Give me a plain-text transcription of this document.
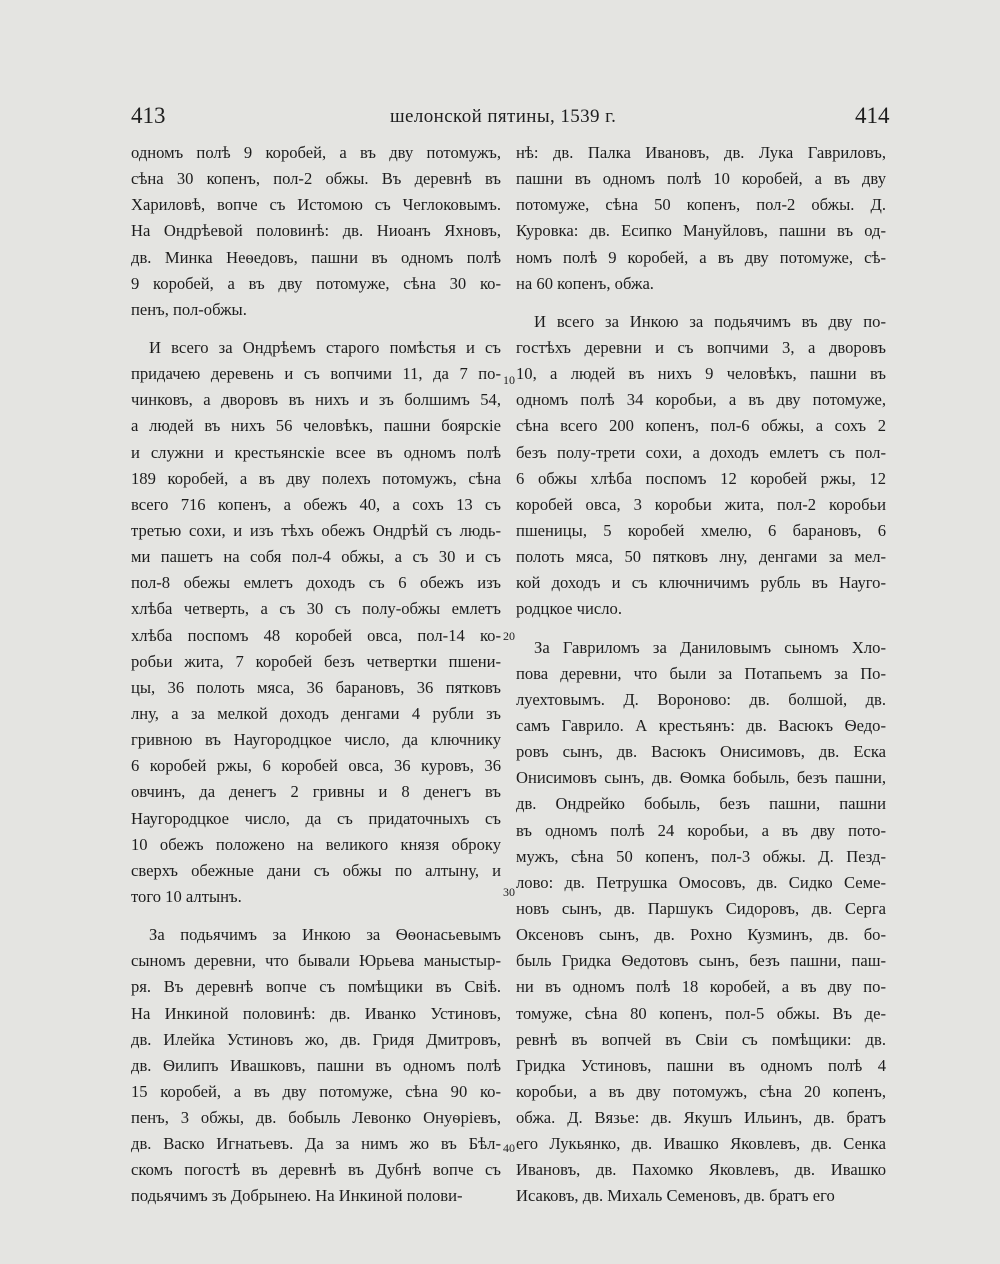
413	шелонской пятины, 1539 г.	414
одномъ полѣ 9 коробей, а въ дву потомужъ,
сѣна 30 копенъ, пол-2 обжы. Въ деревнѣ въ
Хариловѣ, вопче съ Истомою съ Чеглоковымъ.
На Ондрѣевой половинѣ: дв. Ниоанъ Яхновъ,
дв. Минка Неѳедовъ, пашни въ одномъ полѣ
9 коробей, а въ дву потомуже, сѣна 30 ко-
пенъ, пол-обжы.
И всего за Ондрѣемъ старого помѣстья и съ
придачею деревень и съ вопчими 11, да 7 по-
чинковъ, а дворовъ въ нихъ и зъ болшимъ 54,
а людей въ нихъ 56 человѣкъ, пашни боярскіе
и служни и крестьянскіе всее въ одномъ полѣ
189 коробей, а въ дву полехъ потомужъ, сѣна
всего 716 копенъ, а обежъ 40, а сохъ 13 съ
третью сохи, и изъ тѣхъ обежъ Ондрѣй съ людь-
ми пашетъ на собя пол-4 обжы, а съ 30 и съ
пол-8 обежы емлетъ доходъ съ 6 обежъ изъ
хлѣба четверть, а съ 30 съ полу-обжы емлетъ
хлѣба поспомъ 48 коробей овса, пол-14 ко-
робьи жита, 7 коробей безъ четвертки пшени-
цы, 36 полоть мяса, 36 барановъ, 36 пятковъ
лну, а за мелкой доходъ денгами 4 рубли зъ
гривною въ Наугородцкое число, да ключнику
6 коробей ржы, 6 коробей овса, 36 куровъ, 36
овчинъ, да денегъ 2 гривны и 8 денегъ въ
Наугородцкое число, да съ придаточныхъ съ
10 обежъ положено на великого князя оброку
сверхъ обежные дани съ обжы по алтыну, и
того 10 алтынъ.
За подьячимъ за Инкою за Ѳѳонасьевымъ
сыномъ деревни, что бывали Юрьева маныстыр-
ря. Въ деревнѣ вопче съ помѣщики въ Свіѣ.
На Инкиной половинѣ: дв. Иванко Устиновъ,
дв. Илейка Устиновъ жо, дв. Гридя Дмитровъ,
дв. Ѳилипъ Ивашковъ, пашни въ одномъ полѣ
15 коробей, а въ дву потомуже, сѣна 90 ко-
пенъ, 3 обжы, дв. бобыль Левонко Онуѳріевъ,
дв. Васко Игнатьевъ. Да за нимъ жо въ Бѣл-
скомъ погостѣ въ деревнѣ въ Дубнѣ вопче съ
подьячимъ зъ Добрынею. На Инкиной полови-
нѣ: дв. Палка Ивановъ, дв. Лука Гавриловъ,
пашни въ одномъ полѣ 10 коробей, а въ дву
потомуже, сѣна 50 копенъ, пол-2 обжы. Д.
Куровка: дв. Есипко Мануйловъ, пашни въ од-
номъ полѣ 9 коробей, а въ дву потомуже, сѣ-
на 60 копенъ, обжа.
И всего за Инкою за подьячимъ въ дву по-
гостѣхъ деревни и съ вопчими 3, а дворовъ
10, а людей въ нихъ 9 человѣкъ, пашни въ
одномъ полѣ 34 коробьи, а въ дву потомуже,
сѣна всего 200 копенъ, пол-6 обжы, а сохъ 2
безъ полу-трети сохи, а доходъ емлетъ съ пол-
6 обжы хлѣба поспомъ 12 коробей ржы, 12
коробей овса, 3 коробьи жита, пол-2 коробьи
пшеницы, 5 коробей хмелю, 6 барановъ, 6
полоть мяса, 50 пятковъ лну, денгами за мел-
кой доходъ и съ ключничимъ рубль въ Науго-
родцкое число.
За Гавриломъ за Даниловымъ сыномъ Хло-
пова деревни, что были за Потапьемъ за По-
луехтовымъ. Д. Вороново: дв. болшой, дв.
самъ Гаврило. А крестьянъ: дв. Васюкъ Ѳедо-
ровъ сынъ, дв. Васюкъ Онисимовъ, дв. Еска
Онисимовъ сынъ, дв. Ѳомка бобыль, безъ пашни,
дв. Ондрейко бобыль, безъ пашни, пашни
въ одномъ полѣ 24 коробьи, а въ дву пото-
мужъ, сѣна 50 копенъ, пол-3 обжы. Д. Пезд-
лово: дв. Петрушка Омосовъ, дв. Сидко Семе-
новъ сынъ, дв. Паршукъ Сидоровъ, дв. Серга
Оксеновъ сынъ, дв. Рохно Кузминъ, дв. бо-
быль Гридка Ѳедотовъ сынъ, безъ пашни, паш-
ни въ одномъ полѣ 18 коробей, а въ дву по-
томуже, сѣна 80 копенъ, пол-5 обжы. Въ де-
ревнѣ въ вопчей въ Свіи съ помѣщики: дв.
Гридка Устиновъ, пашни въ одномъ полѣ 4
коробьи, а въ дву потомужъ, сѣна 20 копенъ,
обжа. Д. Вязье: дв. Якушъ Ильинъ, дв. братъ
его Лукьянко, дв. Ивашко Яковлевъ, дв. Сенка
Ивановъ, дв. Пахомко Яковлевъ, дв. Ивашко
Исаковъ, дв. Михаль Семеновъ, дв. братъ его
10
20
30
40
